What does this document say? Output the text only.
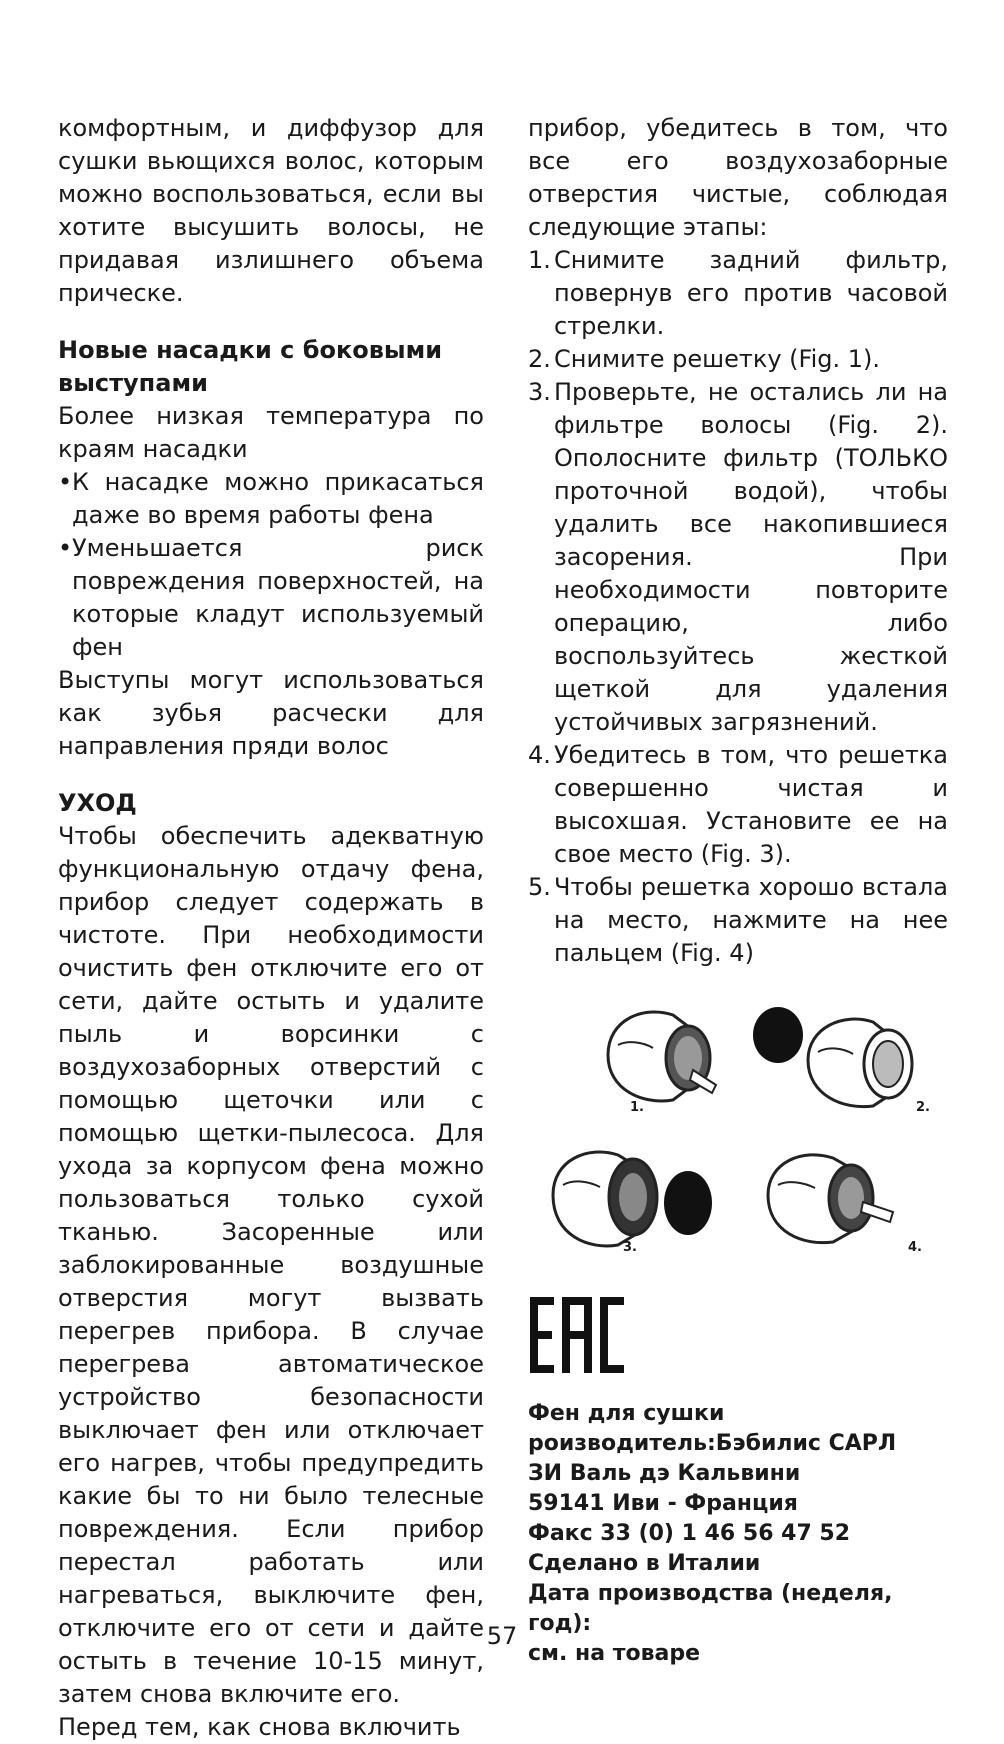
комфортным, и диффузор для сушки вьющихся волос, которым можно воспользоваться, если вы хотите высушить волосы, не придавая излишнего объема прическе.

Новые насадки с боковыми выступами

Более низкая температура по краям насадки

• К насадке можно прикасаться даже во время работы фена
• Уменьшается риск повреждения поверхностей, на которые кладут используемый фен

Выступы могут использоваться как зубья расчески для направления пряди волос

УХОД

Чтобы обеспечить адекватную функциональную отдачу фена, прибор следует содержать в чистоте. При необходимости очистить фен отключите его от сети, дайте остыть и удалите пыль и ворсинки с воздухозаборных отверстий с помощью щеточки или с помощью щетки-пылесоса. Для ухода за корпусом фена можно пользоваться только сухой тканью. Засоренные или заблокированные воздушные отверстия могут вызвать перегрев прибора. В случае перегрева автоматическое устройство безопасности выключает фен или отключает его нагрев, чтобы предупредить какие бы то ни было телесные повреждения. Если прибор перестал работать или нагреваться, выключите фен, отключите его от сети и дайте остыть в течение 10-15 минут, затем снова включите его.

Перед тем, как снова включить

прибор, убедитесь в том, что все его воздухозаборные отверстия чистые, соблюдая следующие этапы:

1. Снимите задний фильтр, повернув его против часовой стрелки.
2. Снимите решетку (Fig. 1).
3. Проверьте, не остались ли на фильтре волосы (Fig. 2). Ополосните фильтр (ТОЛЬКО проточной водой), чтобы удалить все накопившиеся засорения. При необходимости повторите операцию, либо воспользуйтесь жесткой щеткой для удаления устойчивых загрязнений.
4. Убедитесь в том, что решетка совершенно чистая и высохшая. Установите ее на свое место (Fig. 3).
5. Чтобы решетка хорошо встала на место, нажмите на нее пальцем (Fig. 4)
1.	2.
3.	4.
Фен для сушки
роизводитель:Бэбилис САРЛ
ЗИ Валь дэ Кальвини
59141 Иви - Франция
Факс 33 (0) 1 46 56 47 52
Сделано в Италии
Дата производства (неделя, год):
см. на товаре
57
